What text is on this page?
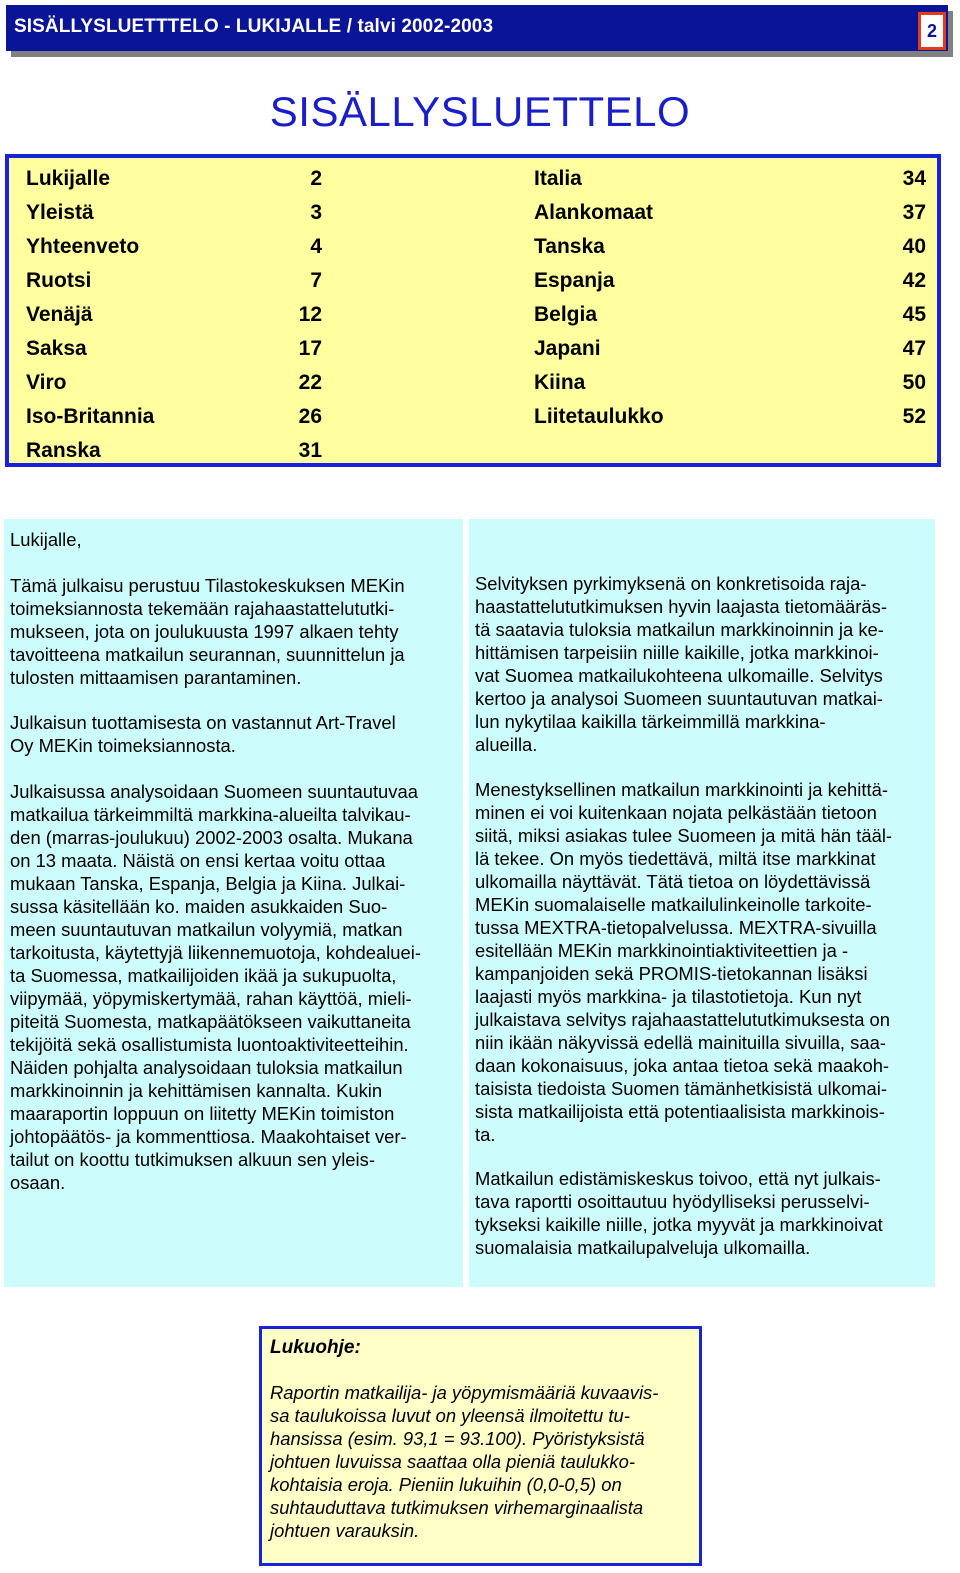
SISÄLLYSLUETTTELO - LUKIJALLE / talvi 2002-2003	2
SISÄLLYSLUETTELO
Lukijalle	2
Yleistä	3
Yhteenveto	4
Ruotsi	7
Venäjä	12
Saksa	17
Viro	22
Iso-Britannia	26
Ranska	31
Italia	34
Alankomaat	37
Tanska	40
Espanja	42
Belgia	45
Japani	47
Kiina	50
Liitetaulukko	52
Lukijalle,
Tämä julkaisu perustuu Tilastokeskuksen MEKin
toimeksiannosta tekemään rajahaastattelututki-
mukseen, jota on joulukuusta 1997 alkaen tehty
tavoitteena matkailun seurannan, suunnittelun ja
tulosten mittaamisen parantaminen.
Julkaisun tuottamisesta on vastannut Art-Travel
Oy MEKin toimeksiannosta.
Julkaisussa analysoidaan Suomeen suuntautuvaa
matkailua tärkeimmiltä markkina-alueilta talvikau-
den (marras-joulukuu) 2002-2003 osalta. Mukana
on 13 maata. Näistä on ensi kertaa voitu ottaa
mukaan Tanska, Espanja, Belgia ja Kiina. Julkai-
sussa käsitellään ko. maiden asukkaiden Suo-
meen suuntautuvan matkailun volyymiä, matkan
tarkoitusta, käytettyjä liikennemuotoja, kohdealuei-
ta Suomessa, matkailijoiden ikää ja sukupuolta,
viipymää, yöpymiskertymää, rahan käyttöä, mieli-
piteitä Suomesta, matkapäätökseen vaikuttaneita
tekijöitä sekä osallistumista luontoaktiviteetteihin.
Näiden pohjalta analysoidaan tuloksia matkailun
markkinoinnin ja kehittämisen kannalta. Kukin
maaraportin loppuun on liitetty MEKin toimiston
johtopäätös- ja kommenttiosa. Maakohtaiset ver-
tailut on koottu tutkimuksen alkuun sen yleis-
osaan.
Selvityksen pyrkimyksenä on konkretisoida raja-
haastattelututkimuksen hyvin laajasta tietomääräs-
tä saatavia tuloksia matkailun markkinoinnin ja ke-
hittämisen tarpeisiin niille kaikille, jotka markkinoi-
vat Suomea matkailukohteena ulkomaille. Selvitys
kertoo ja analysoi Suomeen suuntautuvan matkai-
lun nykytilaa kaikilla tärkeimmillä markkina-
alueilla.
Menestyksellinen matkailun markkinointi ja kehittä-
minen ei voi kuitenkaan nojata pelkästään tietoon
siitä, miksi asiakas tulee Suomeen ja mitä hän tääl-
lä tekee. On myös tiedettävä, miltä itse markkinat
ulkomailla näyttävät. Tätä tietoa on löydettävissä
MEKin suomalaiselle matkailulinkeinolle tarkoite-
tussa MEXTRA-tietopalvelussa. MEXTRA-sivuilla
esitellään MEKin markkinointiaktiviteettien ja -
kampanjoiden sekä PROMIS-tietokannan lisäksi
laajasti myös markkina- ja tilastotietoja. Kun nyt
julkaistava selvitys rajahaastattelututkimuksesta on
niin ikään näkyvissä edellä mainituilla sivuilla, saa-
daan kokonaisuus, joka antaa tietoa sekä maakoh-
taisista tiedoista Suomen tämänhetkisistä ulkomai-
sista matkailijoista että potentiaalisista markkinois-
ta.
Matkailun edistämiskeskus toivoo, että nyt julkais-
tava raportti osoittautuu hyödylliseksi perusselvi-
tykseksi kaikille niille, jotka myyvät ja markkinoivat
suomalaisia matkailupalveluja ulkomailla.
Lukuohje:
Raportin matkailija- ja yöpymismääriä kuvaavis-
sa taulukoissa luvut on yleensä ilmoitettu tu-
hansissa (esim. 93,1 = 93.100). Pyöristyksistä
johtuen luvuissa saattaa olla pieniä taulukko-
kohtaisia eroja. Pieniin lukuihin (0,0-0,5) on
suhtauduttava tutkimuksen virhemarginaalista
johtuen varauksin.
